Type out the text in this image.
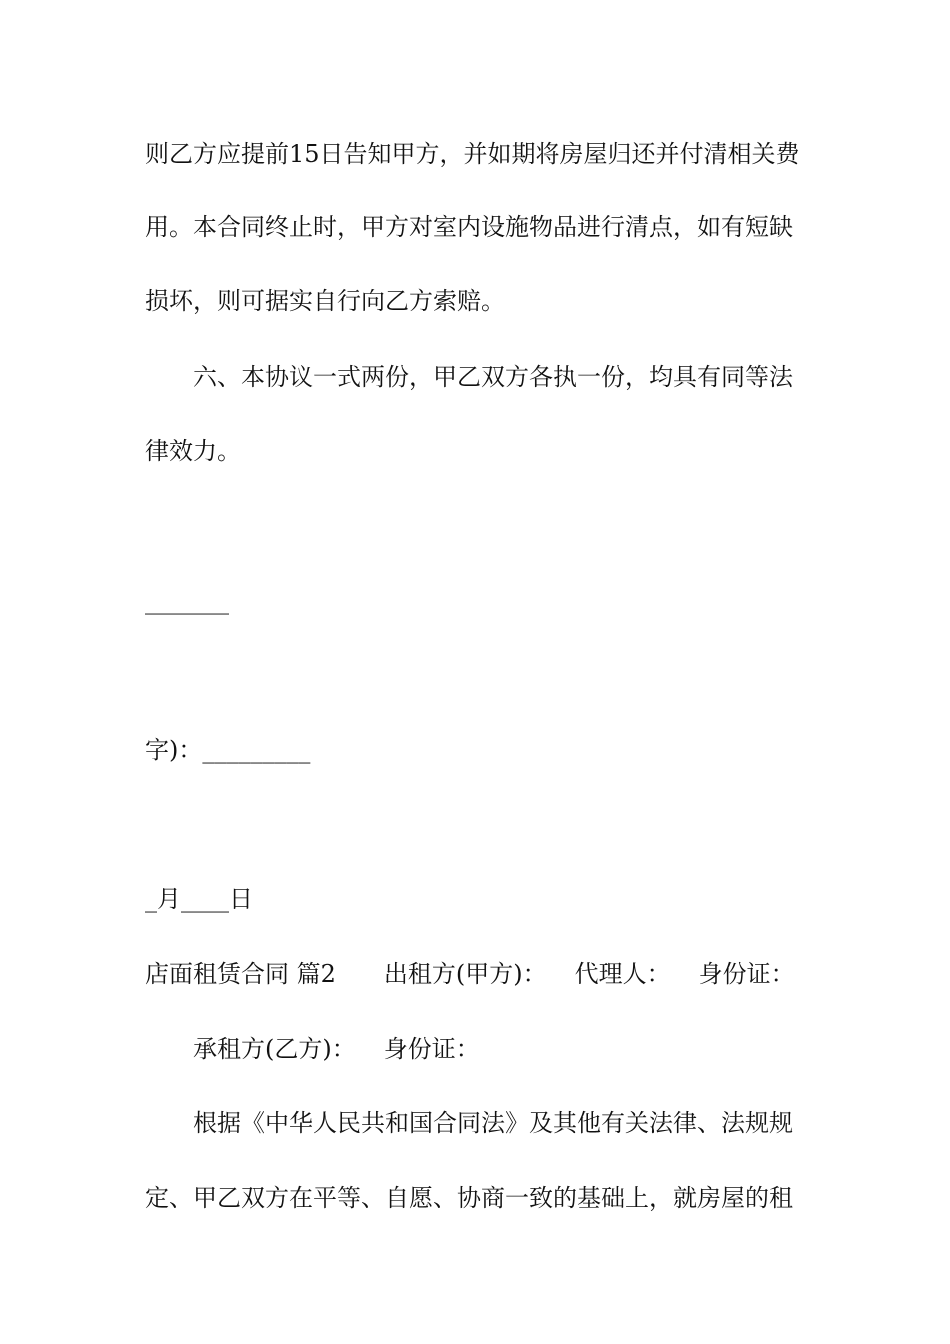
则乙方应提前15日告知甲方，并如期将房屋归还并付清相关费
用。本合同终止时，甲方对室内设施物品进行清点，如有短缺
损坏，则可据实自行向乙方索赔。
六、本协议一式两份，甲乙双方各执一份，均具有同等法
律效力。
_______
字)：_________
_月____日
店面租赁合同 篇2 出租方(甲方)： 代理人： 身份证：
承租方(乙方)： 身份证：
根据《中华人民共和国合同法》及其他有关法律、法规规
定、甲乙双方在平等、自愿、协商一致的基础上，就房屋的租
